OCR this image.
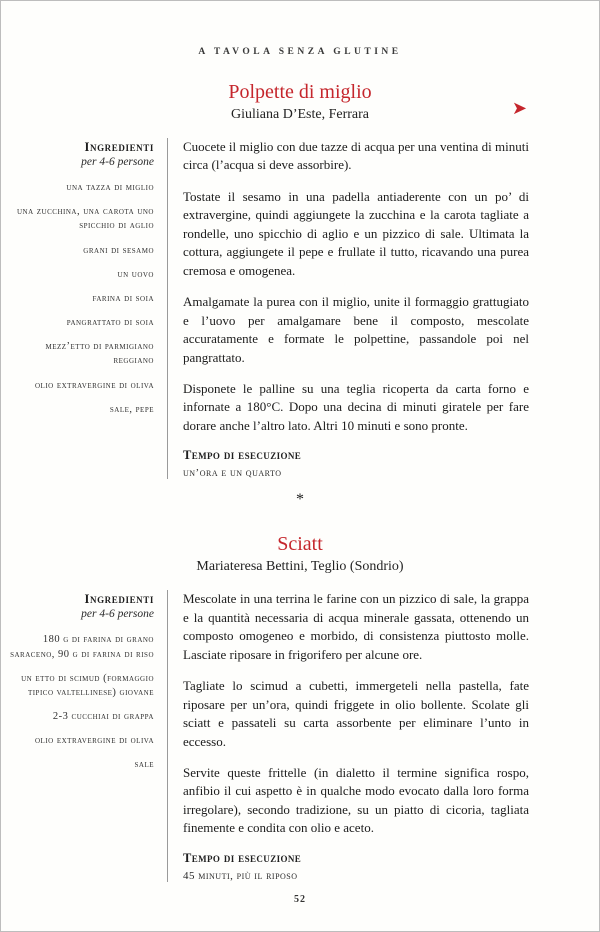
A TAVOLA SENZA GLUTINE
➤
Polpette di miglio
Giuliana D’Este, Ferrara
Ingredienti
per 4-6 persone
una tazza di miglio
una zucchina, una carota uno spicchio di aglio
grani di sesamo
un uovo
farina di soia
pangrattato di soia
mezz’etto di parmigiano reggiano
olio extravergine di oliva
sale, pepe

Cuocete il miglio con due tazze di acqua per una ventina di minuti circa (l’acqua si deve assorbire).

Tostate il sesamo in una padella antiaderente con un po’ di extravergine, quindi aggiungete la zucchina e la carota tagliate a rondelle, uno spicchio di aglio e un pizzico di sale. Ultimata la cottura, aggiungete il pepe e frullate il tutto, ricavando una purea cremosa e omogenea.

Amalgamate la purea con il miglio, unite il formaggio grattugiato e l’uovo per amalgamare bene il composto, mescolate accuratamente e formate le polpettine, passandole poi nel pangrattato.

Disponete le palline su una teglia ricoperta da carta forno e infornate a 180°C. Dopo una decina di minuti giratele per fare dorare anche l’altro lato. Altri 10 minuti e sono pronte.

Tempo di esecuzione
un’ora e un quarto
*
Sciatt
Mariateresa Bettini, Teglio (Sondrio)
Ingredienti
per 4-6 persone
180 g di farina di grano saraceno, 90 g di farina di riso
un etto di scimud (formaggio tipico valtellinese) giovane
2-3 cucchiai di grappa
olio extravergine di oliva
sale

Mescolate in una terrina le farine con un pizzico di sale, la grappa e la quantità necessaria di acqua minerale gassata, ottenendo un composto omogeneo e morbido, di consistenza piuttosto molle. Lasciate riposare in frigorifero per alcune ore.

Tagliate lo scimud a cubetti, immergeteli nella pastella, fate riposare per un’ora, quindi friggete in olio bollente. Scolate gli sciatt e passateli su carta assorbente per eliminare l’unto in eccesso.

Servite queste frittelle (in dialetto il termine significa rospo, anfibio il cui aspetto è in qualche modo evocato dalla loro forma irregolare), secondo tradizione, su un piatto di cicoria, tagliata finemente e condita con olio e aceto.

Tempo di esecuzione
45 minuti, più il riposo
52
